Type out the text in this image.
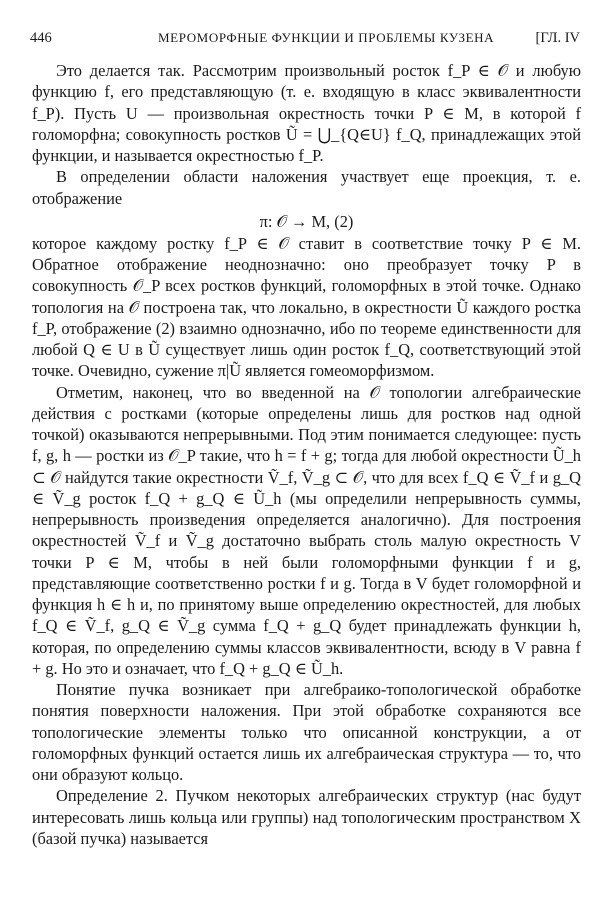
446	МЕРОМОРФНЫЕ ФУНКЦИИ И ПРОБЛЕМЫ КУЗЕНА	[ГЛ. IV

Это делается так. Рассмотрим произвольный росток f_P ∈ 𝒪 и любую функцию f, его представляющую (т. е. входящую в класс эквивалентности f_P). Пусть U — произвольная окрестность точки P ∈ M, в которой f голоморфна; совокупность ростков Ũ = ⋃_{Q∈U} f_Q, принадлежащих этой функции, и называется окрестностью f_P.

В определении области наложения участвует еще проекция, т. е. отображение

π: 𝒪 → M, (2)

которое каждому ростку f_P ∈ 𝒪 ставит в соответствие точку P ∈ M. Обратное отображение неоднозначно: оно преобразует точку P в совокупность 𝒪_P всех ростков функций, голоморфных в этой точке. Однако топология на 𝒪 построена так, что локально, в окрестности Ũ каждого ростка f_P, отображение (2) взаимно однозначно, ибо по теореме единственности для любой Q ∈ U в Ũ существует лишь один росток f_Q, соответствующий этой точке. Очевидно, сужение π|Ũ является гомеоморфизмом.

Отметим, наконец, что во введенной на 𝒪 топологии алгебраические действия с ростками (которые определены лишь для ростков над одной точкой) оказываются непрерывными. Под этим понимается следующее: пусть f, g, h — ростки из 𝒪_P такие, что h = f + g; тогда для любой окрестности Ũ_h ⊂ 𝒪 найдутся такие окрестности Ṽ_f, Ṽ_g ⊂ 𝒪, что для всех f_Q ∈ Ṽ_f и g_Q ∈ Ṽ_g росток f_Q + g_Q ∈ Ũ_h (мы определили непрерывность суммы, непрерывность произведения определяется аналогично). Для построения окрестностей Ṽ_f и Ṽ_g достаточно выбрать столь малую окрестность V точки P ∈ M, чтобы в ней были голоморфными функции f и g, представляющие соответственно ростки f и g. Тогда в V будет голоморфной и функция h ∈ h и, по принятому выше определению окрестностей, для любых f_Q ∈ Ṽ_f, g_Q ∈ Ṽ_g сумма f_Q + g_Q будет принадлежать функции h, которая, по определению суммы классов эквивалентности, всюду в V равна f + g. Но это и означает, что f_Q + g_Q ∈ Ũ_h.

Понятие пучка возникает при алгебраико-топологической обработке понятия поверхности наложения. При этой обработке сохраняются все топологические элементы только что описанной конструкции, а от голоморфных функций остается лишь их алгебраическая структура — то, что они образуют кольцо.

Определение 2. Пучком некоторых алгебраических структур (нас будут интересовать лишь кольца или группы) над топологическим пространством X (базой пучка) называется
